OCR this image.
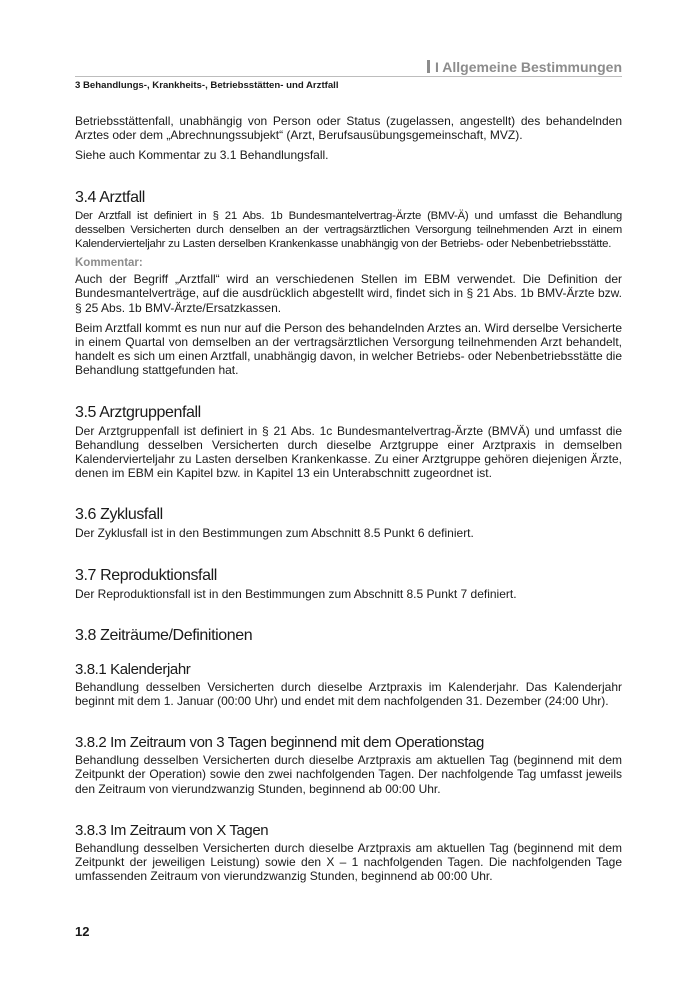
I Allgemeine Bestimmungen
3 Behandlungs-, Krankheits-, Betriebsstätten- und Arztfall

Betriebsstättenfall, unabhängig von Person oder Status (zugelassen, angestellt) des behandelnden Arztes oder dem „Abrechnungssubjekt“ (Arzt, Berufsausübungsgemeinschaft, MVZ).

Siehe auch Kommentar zu 3.1 Behandlungsfall.

3.4 Arztfall

Der Arztfall ist definiert in § 21 Abs. 1b Bundesmantelvertrag-Ärzte (BMV-Ä) und umfasst die Behandlung desselben Versicherten durch denselben an der vertragsärztlichen Versorgung teilnehmenden Arzt in einem Kalendervierteljahr zu Lasten derselben Krankenkasse unabhängig von der Betriebs- oder Nebenbetriebsstätte.

Kommentar:

Auch der Begriff „Arztfall“ wird an verschiedenen Stellen im EBM verwendet. Die Definition der Bundesmantelverträge, auf die ausdrücklich abgestellt wird, findet sich in § 21 Abs. 1b BMV-Ärzte bzw. § 25 Abs. 1b BMV-Ärzte/Ersatzkassen.

Beim Arztfall kommt es nun nur auf die Person des behandelnden Arztes an. Wird derselbe Versicherte in einem Quartal von demselben an der vertragsärztlichen Versorgung teilnehmenden Arzt behandelt, handelt es sich um einen Arztfall, unabhängig davon, in welcher Betriebs- oder Nebenbetriebsstätte die Behandlung stattgefunden hat.

3.5 Arztgruppenfall

Der Arztgruppenfall ist definiert in § 21 Abs. 1c Bundesmantelvertrag-Ärzte (BMVÄ) und umfasst die Behandlung desselben Versicherten durch dieselbe Arztgruppe einer Arztpraxis in demselben Kalendervierteljahr zu Lasten derselben Krankenkasse. Zu einer Arztgruppe gehören diejenigen Ärzte, denen im EBM ein Kapitel bzw. in Kapitel 13 ein Unterabschnitt zugeordnet ist.

3.6 Zyklusfall

Der Zyklusfall ist in den Bestimmungen zum Abschnitt 8.5 Punkt 6 definiert.

3.7 Reproduktionsfall

Der Reproduktionsfall ist in den Bestimmungen zum Abschnitt 8.5 Punkt 7 definiert.

3.8 Zeiträume/Definitionen
3.8.1 Kalenderjahr

Behandlung desselben Versicherten durch dieselbe Arztpraxis im Kalenderjahr. Das Kalenderjahr beginnt mit dem 1. Januar (00:00 Uhr) und endet mit dem nachfolgenden 31. Dezember (24:00 Uhr).

3.8.2 Im Zeitraum von 3 Tagen beginnend mit dem Operationstag

Behandlung desselben Versicherten durch dieselbe Arztpraxis am aktuellen Tag (beginnend mit dem Zeitpunkt der Operation) sowie den zwei nachfolgenden Tagen. Der nachfolgende Tag umfasst jeweils den Zeitraum von vierundzwanzig Stunden, beginnend ab 00:00 Uhr.

3.8.3 Im Zeitraum von X Tagen

Behandlung desselben Versicherten durch dieselbe Arztpraxis am aktuellen Tag (beginnend mit dem Zeitpunkt der jeweiligen Leistung) sowie den X – 1 nachfolgenden Tagen. Die nachfolgenden Tage umfassenden Zeitraum von vierundzwanzig Stunden, beginnend ab 00:00 Uhr.

12
